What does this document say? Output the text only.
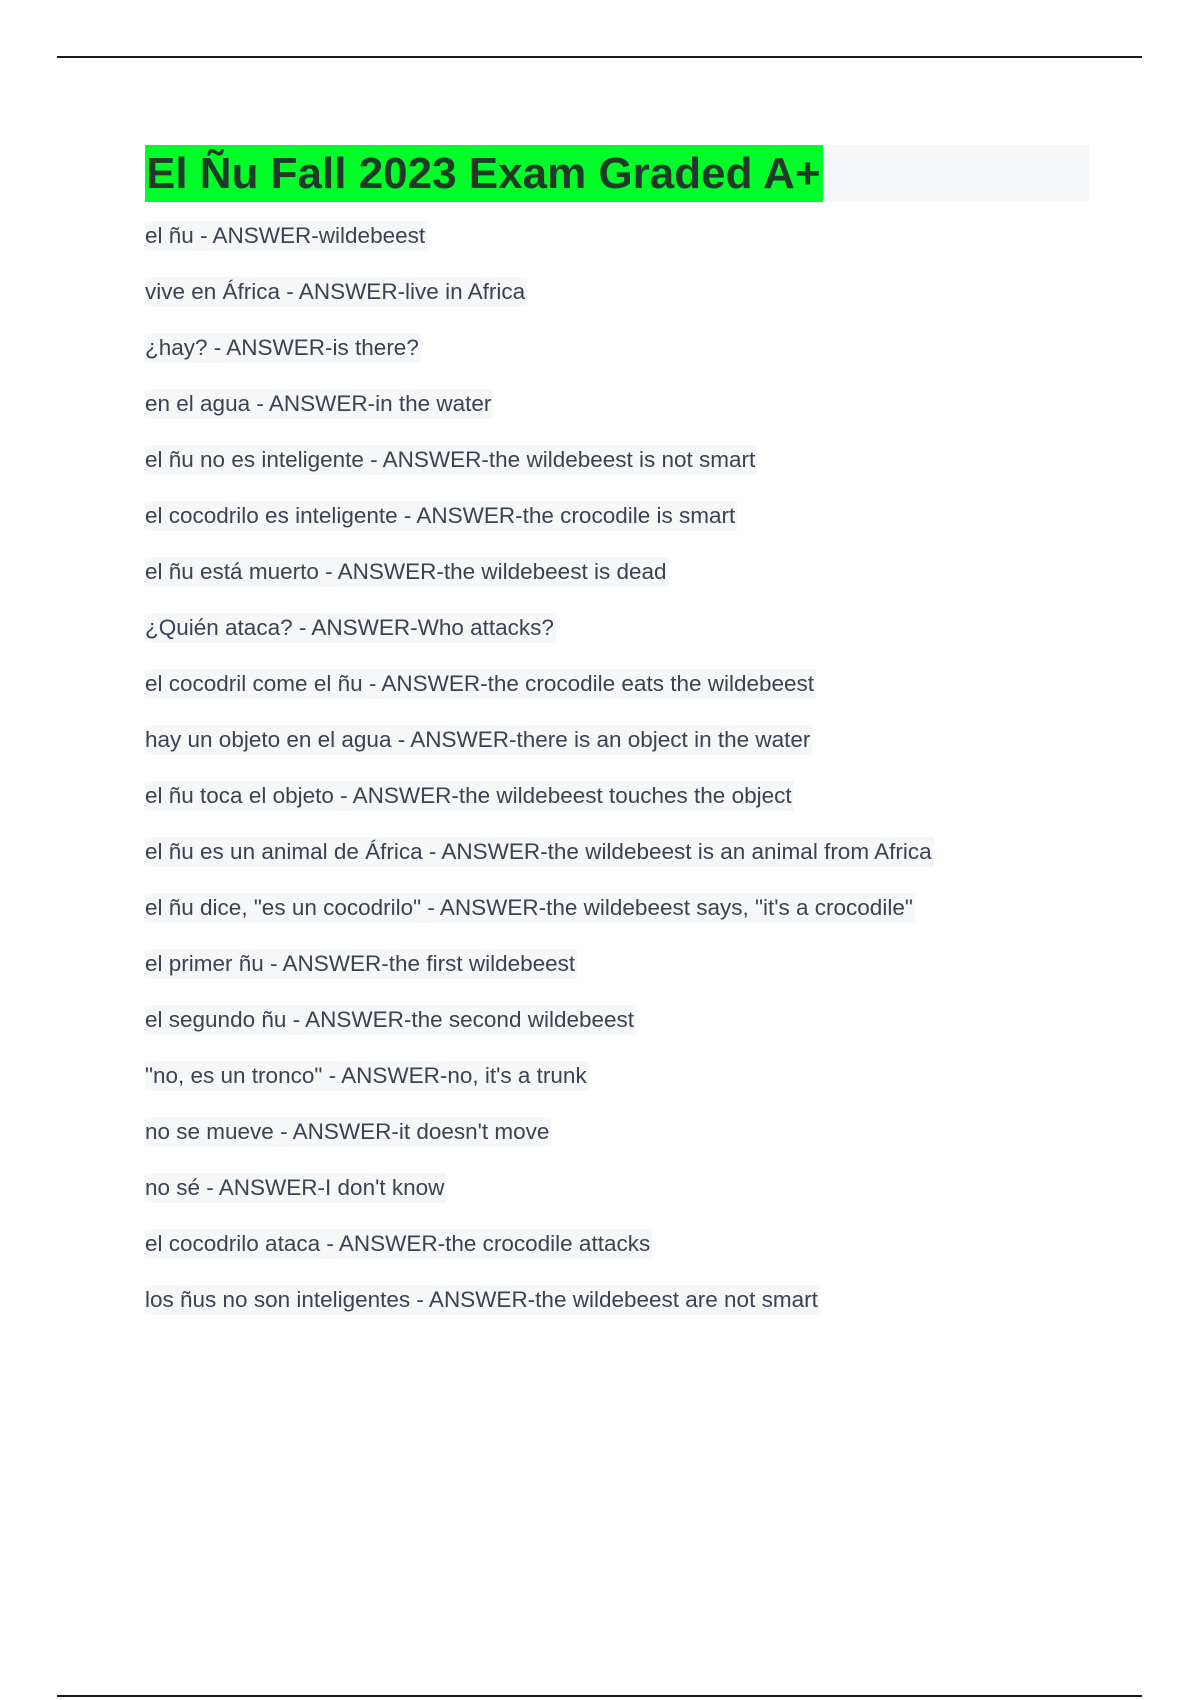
El Ñu Fall 2023 Exam Graded A+
el ñu - ANSWER-wildebeest
vive en África - ANSWER-live in Africa
¿hay? - ANSWER-is there?
en el agua - ANSWER-in the water
el ñu no es inteligente - ANSWER-the wildebeest is not smart
el cocodrilo es inteligente - ANSWER-the crocodile is smart
el ñu está muerto - ANSWER-the wildebeest is dead
¿Quién ataca? - ANSWER-Who attacks?
el cocodril come el ñu - ANSWER-the crocodile eats the wildebeest
hay un objeto en el agua - ANSWER-there is an object in the water
el ñu toca el objeto - ANSWER-the wildebeest touches the object
el ñu es un animal de África - ANSWER-the wildebeest is an animal from Africa
el ñu dice, "es un cocodrilo" - ANSWER-the wildebeest says, "it's a crocodile"
el primer ñu - ANSWER-the first wildebeest
el segundo ñu - ANSWER-the second wildebeest
"no, es un tronco" - ANSWER-no, it's a trunk
no se mueve - ANSWER-it doesn't move
no sé - ANSWER-I don't know
el cocodrilo ataca - ANSWER-the crocodile attacks
los ñus no son inteligentes - ANSWER-the wildebeest are not smart
